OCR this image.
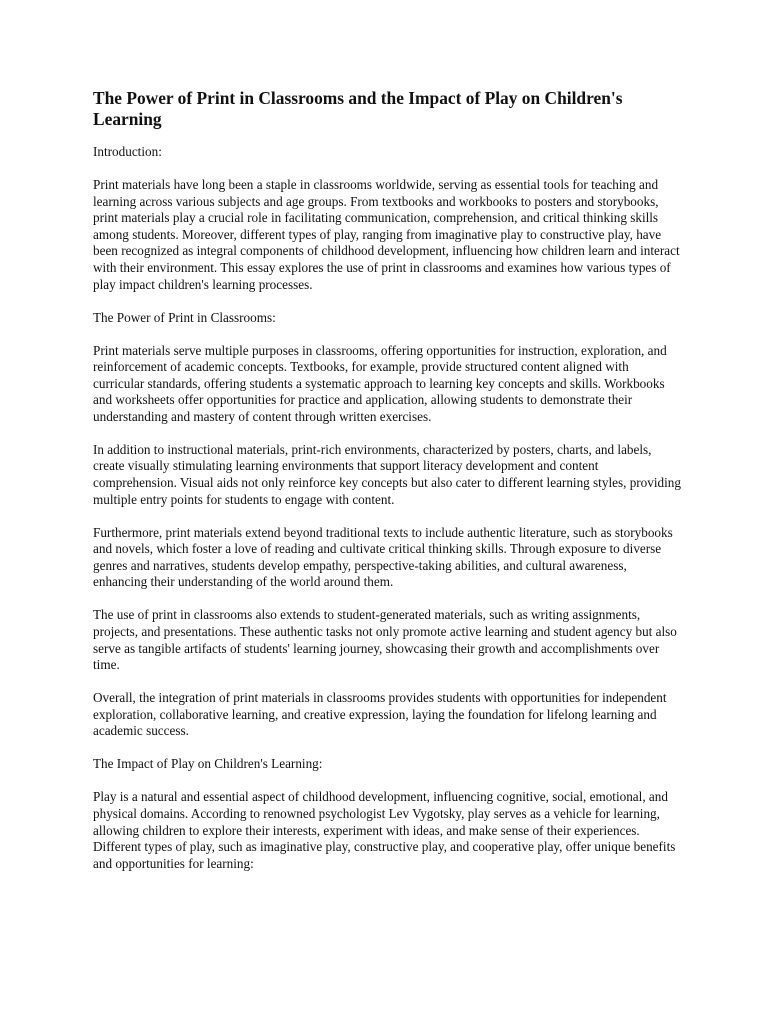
The Power of Print in Classrooms and the Impact of Play on Children's Learning

Introduction:

Print materials have long been a staple in classrooms worldwide, serving as essential tools for teaching and learning across various subjects and age groups. From textbooks and workbooks to posters and storybooks, print materials play a crucial role in facilitating communication, comprehension, and critical thinking skills among students. Moreover, different types of play, ranging from imaginative play to constructive play, have been recognized as integral components of childhood development, influencing how children learn and interact with their environment. This essay explores the use of print in classrooms and examines how various types of play impact children's learning processes.

The Power of Print in Classrooms:

Print materials serve multiple purposes in classrooms, offering opportunities for instruction, exploration, and reinforcement of academic concepts. Textbooks, for example, provide structured content aligned with curricular standards, offering students a systematic approach to learning key concepts and skills. Workbooks and worksheets offer opportunities for practice and application, allowing students to demonstrate their understanding and mastery of content through written exercises.

In addition to instructional materials, print-rich environments, characterized by posters, charts, and labels, create visually stimulating learning environments that support literacy development and content comprehension. Visual aids not only reinforce key concepts but also cater to different learning styles, providing multiple entry points for students to engage with content.

Furthermore, print materials extend beyond traditional texts to include authentic literature, such as storybooks and novels, which foster a love of reading and cultivate critical thinking skills. Through exposure to diverse genres and narratives, students develop empathy, perspective-taking abilities, and cultural awareness, enhancing their understanding of the world around them.

The use of print in classrooms also extends to student-generated materials, such as writing assignments, projects, and presentations. These authentic tasks not only promote active learning and student agency but also serve as tangible artifacts of students' learning journey, showcasing their growth and accomplishments over time.

Overall, the integration of print materials in classrooms provides students with opportunities for independent exploration, collaborative learning, and creative expression, laying the foundation for lifelong learning and academic success.

The Impact of Play on Children's Learning:

Play is a natural and essential aspect of childhood development, influencing cognitive, social, emotional, and physical domains. According to renowned psychologist Lev Vygotsky, play serves as a vehicle for learning, allowing children to explore their interests, experiment with ideas, and make sense of their experiences.

Different types of play, such as imaginative play, constructive play, and cooperative play, offer unique benefits and opportunities for learning:
